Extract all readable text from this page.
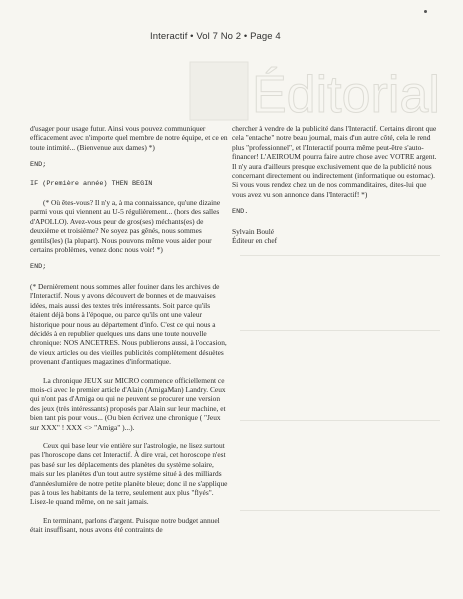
Interactif • Vol 7 No 2 • Page 4
Éditorial

d'usager pour usage futur. Ainsi vous pouvez communiquer efficacement avec n'importe quel membre de notre équipe, et ce en toute intimité... (Bienvenue aux dames) *)

END;

IF (Première année) THEN BEGIN

(* Où êtes-vous? Il n'y a, à ma connaissance, qu'une dizaine parmi vous qui viennent au U-5 régulièrement... (hors des salles d'APOLLO). Avez-vous peur de gros(ses) méchants(es) de deuxième et troisième? Ne soyez pas gênés, nous sommes gentils(les) (la plupart). Nous pouvons même vous aider pour certains problèmes, venez donc nous voir! *)

END;

(* Dernièrement nous sommes aller fouiner dans les archives de l'Interactif. Nous y avons découvert de bonnes et de mauvaises idées, mais aussi des textes très intéressants. Soit parce qu'ils étaient déjà bons à l'époque, ou parce qu'ils ont une valeur historique pour nous au département d'info. C'est ce qui nous a décidés à en republier quelques uns dans une toute nouvelle chronique: NOS ANCETRES. Nous publierons aussi, à l'occasion, de vieux articles ou des vieilles publicités complètement désuètes provenant d'antiques magazines d'informatique.

La chronique JEUX sur MICRO commence officiellement ce mois-ci avec le premier article d'Alain (AmigaMan) Landry. Ceux qui n'ont pas d'Amiga ou qui ne peuvent se procurer une version des jeux (très intéressants) proposés par Alain sur leur machine, et bien tant pis pour vous... (Ou bien écrivez une chronique ( "Jeux sur XXX" ! XXX <> "Amiga" )...).

Ceux qui base leur vie entière sur l'astrologie, ne lisez surtout pas l'horoscope dans cet Interactif. À dire vrai, cet horoscope n'est pas basé sur les déplacements des planètes du système solaire, mais sur les planètes d'un tout autre système situé à des milliards d'annéeslumière de notre petite planète bleue; donc il ne s'applique pas à tous les habitants de la terre, seulement aux plus "flyés". Lisez-le quand même, on ne sait jamais.

En terminant, parlons d'argent. Puisque notre budget annuel était insuffisant, nous avons été contraints de

chercher à vendre de la publicité dans l'Interactif. Certains diront que cela "entache" notre beau journal, mais d'un autre côté, cela le rend plus "professionnel", et l'Interactif pourra même peut-être s'auto-financer! L'AEIROUM pourra faire autre chose avec VOTRE argent. Il n'y aura d'ailleurs presque exclusivement que de la publicité nous concernant directement ou indirectement (informatique ou estomac). Si vous vous rendez chez un de nos commanditaires, dites-lui que vous avez vu son annonce dans l'Interactif! *)

END.

Sylvain Boulé

Éditeur en chef
